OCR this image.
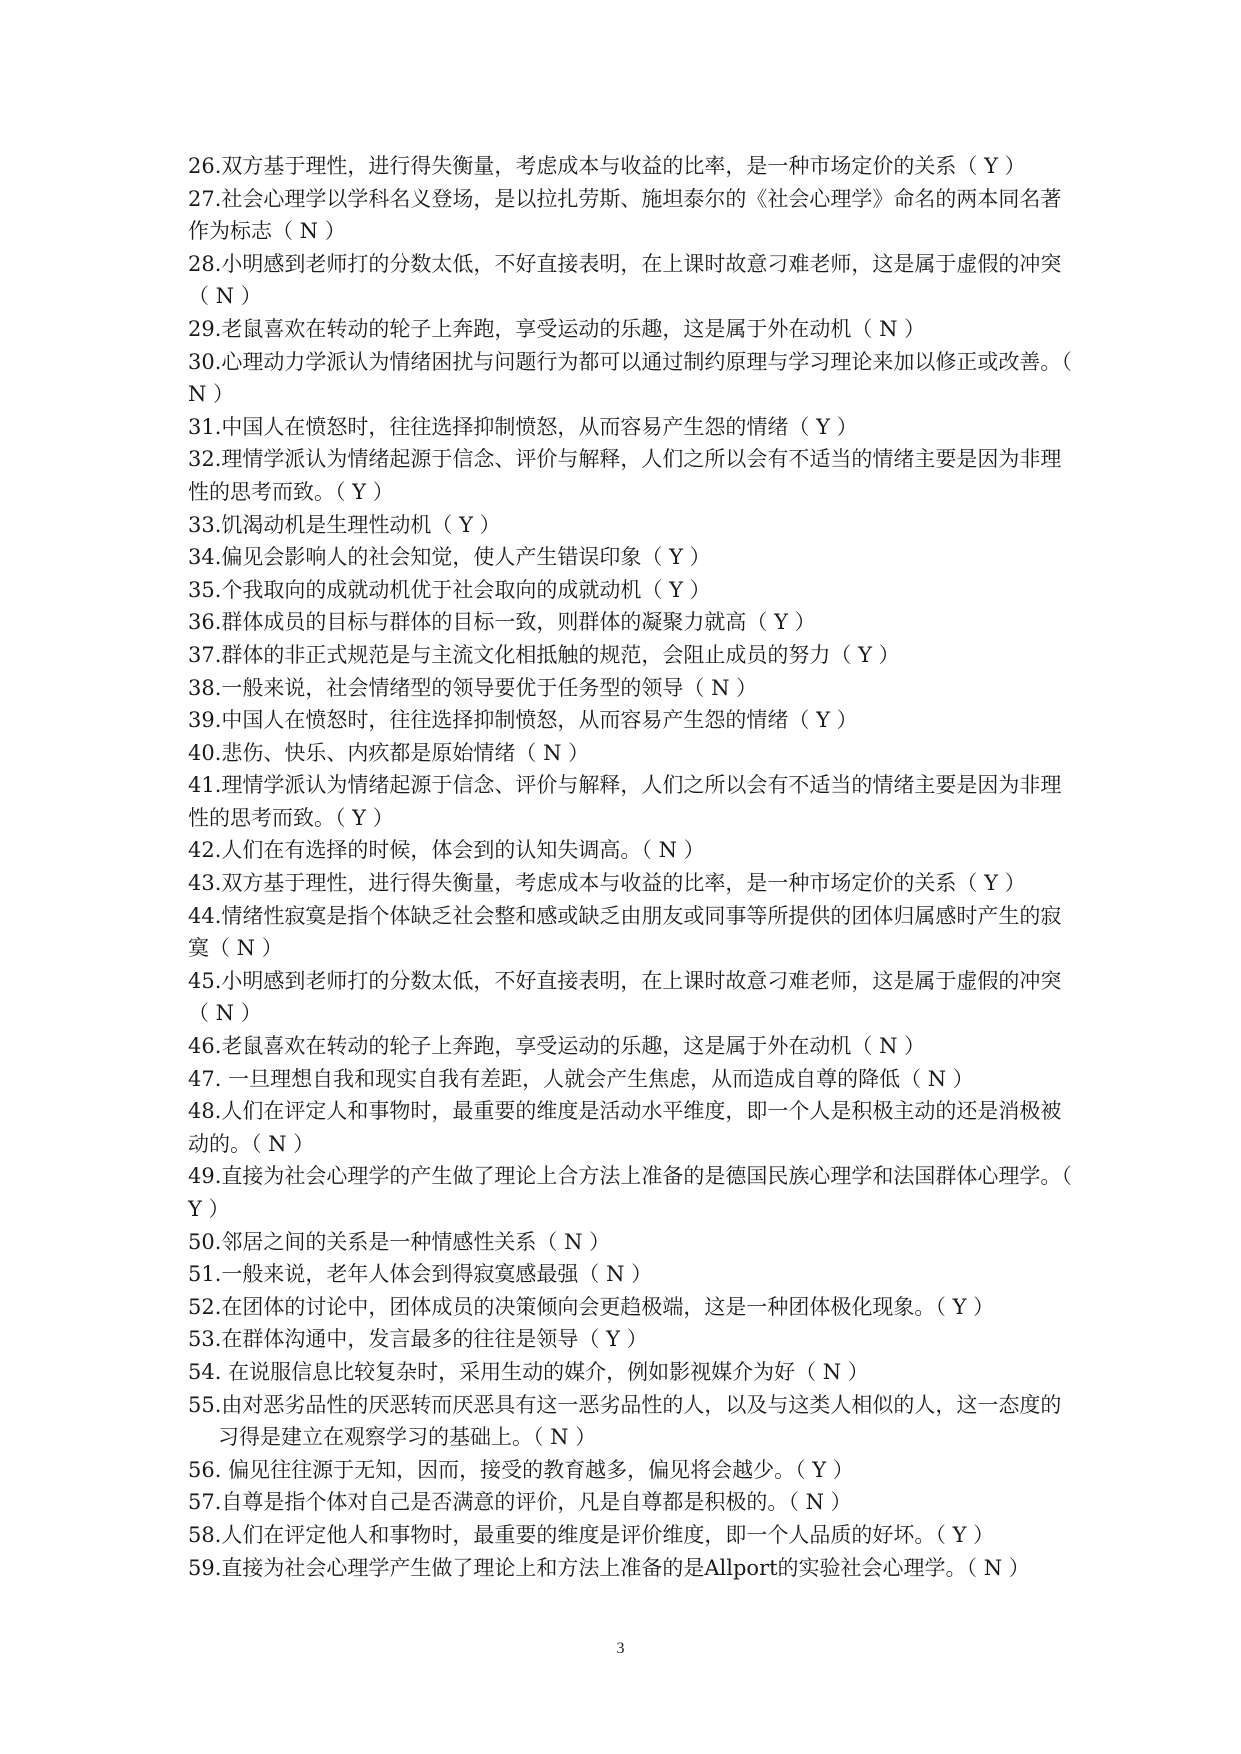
26.双方基于理性，进行得失衡量，考虑成本与收益的比率，是一种市场定价的关系（ Y ）

27.社会心理学以学科名义登场，是以拉扎劳斯、施坦泰尔的《社会心理学》命名的两本同名著作为标志（ N ）

28.小明感到老师打的分数太低，不好直接表明，在上课时故意刁难老师，这是属于虚假的冲突（ N ）

29.老鼠喜欢在转动的轮子上奔跑，享受运动的乐趣，这是属于外在动机（ N ）

30.心理动力学派认为情绪困扰与问题行为都可以通过制约原理与学习理论来加以修正或改善。（ N ）

31.中国人在愤怒时，往往选择抑制愤怒，从而容易产生怨的情绪（ Y ）

32.理情学派认为情绪起源于信念、评价与解释，人们之所以会有不适当的情绪主要是因为非理性的思考而致。（ Y ）

33.饥渴动机是生理性动机（ Y ）

34.偏见会影响人的社会知觉，使人产生错误印象（ Y ）

35.个我取向的成就动机优于社会取向的成就动机（ Y ）

36.群体成员的目标与群体的目标一致，则群体的凝聚力就高（ Y ）

37.群体的非正式规范是与主流文化相抵触的规范，会阻止成员的努力（ Y ）

38.一般来说，社会情绪型的领导要优于任务型的领导（ N ）

39.中国人在愤怒时，往往选择抑制愤怒，从而容易产生怨的情绪（ Y ）

40.悲伤、快乐、内疚都是原始情绪（ N ）

41.理情学派认为情绪起源于信念、评价与解释，人们之所以会有不适当的情绪主要是因为非理性的思考而致。（ Y ）

42.人们在有选择的时候，体会到的认知失调高。（ N ）

43.双方基于理性，进行得失衡量，考虑成本与收益的比率，是一种市场定价的关系（ Y ）

44.情绪性寂寞是指个体缺乏社会整和感或缺乏由朋友或同事等所提供的团体归属感时产生的寂寞（ N ）

45.小明感到老师打的分数太低，不好直接表明，在上课时故意刁难老师，这是属于虚假的冲突（ N ）

46.老鼠喜欢在转动的轮子上奔跑，享受运动的乐趣，这是属于外在动机（ N ）

47. 一旦理想自我和现实自我有差距，人就会产生焦虑，从而造成自尊的降低（ N ）

48.人们在评定人和事物时，最重要的维度是活动水平维度，即一个人是积极主动的还是消极被动的。（ N ）

49.直接为社会心理学的产生做了理论上合方法上准备的是德国民族心理学和法国群体心理学。（ Y ）

50.邻居之间的关系是一种情感性关系（ N ）

51.一般来说，老年人体会到得寂寞感最强（ N ）

52.在团体的讨论中，团体成员的决策倾向会更趋极端，这是一种团体极化现象。（ Y ）

53.在群体沟通中，发言最多的往往是领导（ Y ）

54. 在说服信息比较复杂时，采用生动的媒介，例如影视媒介为好（ N ）

55.由对恶劣品性的厌恶转而厌恶具有这一恶劣品性的人，以及与这类人相似的人，这一态度的习得是建立在观察学习的基础上。（ N ）

56. 偏见往往源于无知，因而，接受的教育越多，偏见将会越少。（ Y ）

57.自尊是指个体对自己是否满意的评价，凡是自尊都是积极的。（ N ）

58.人们在评定他人和事物时，最重要的维度是评价维度，即一个人品质的好坏。（ Y ）

59.直接为社会心理学产生做了理论上和方法上准备的是Allport的实验社会心理学。（ N ）

3
